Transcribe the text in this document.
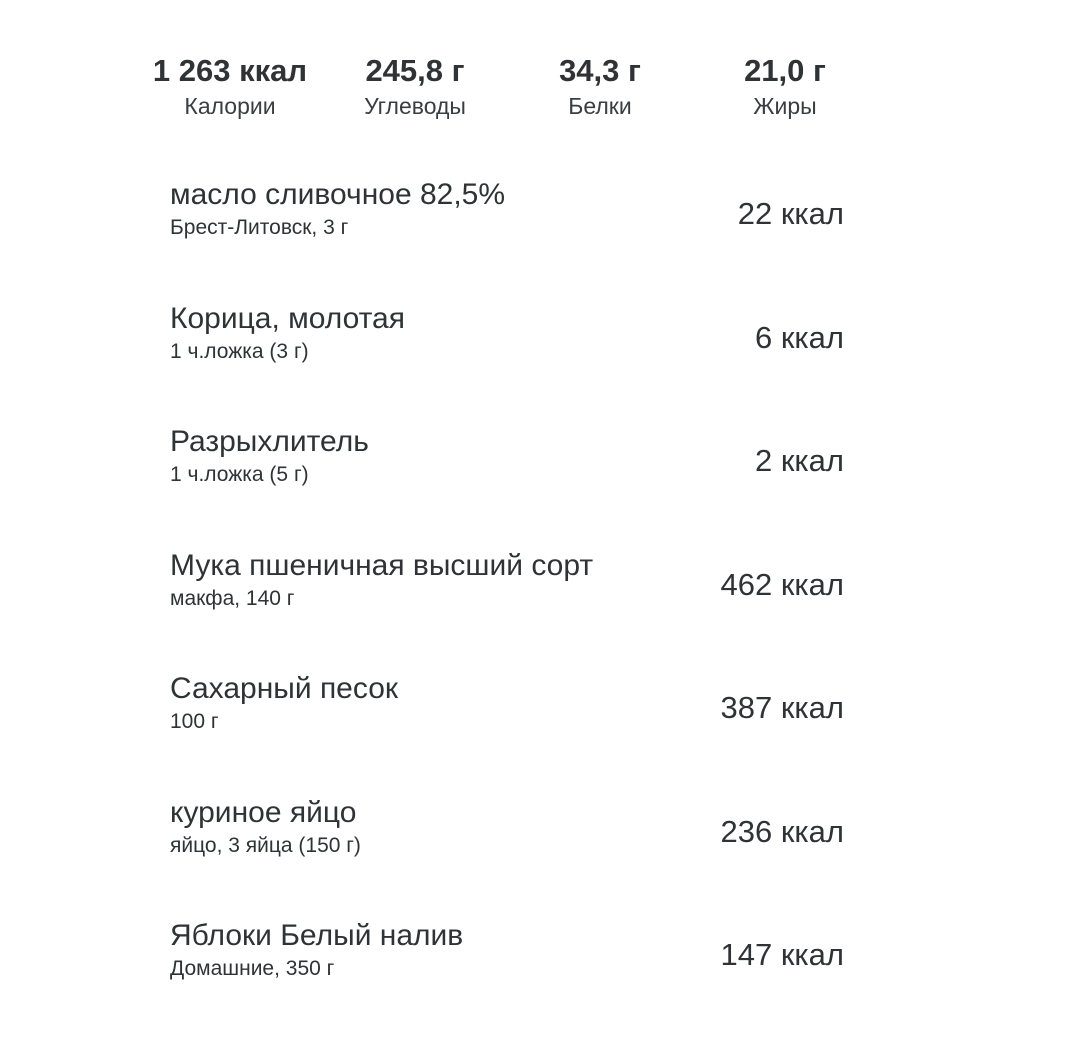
1 263 ккал
Калории
245,8 г
Углеводы
34,3 г
Белки
21,0 г
Жиры
масло сливочное 82,5%
Брест-Литовск, 3 г	22 ккал
Корица, молотая
1 ч.ложка (3 г)	6 ккал
Разрыхлитель
1 ч.ложка (5 г)	2 ккал
Мука пшеничная высший сорт
макфа, 140 г	462 ккал
Сахарный песок
100 г	387 ккал
куриное яйцо
яйцо, 3 яйца (150 г)	236 ккал
Яблоки Белый налив
Домашние, 350 г	147 ккал
